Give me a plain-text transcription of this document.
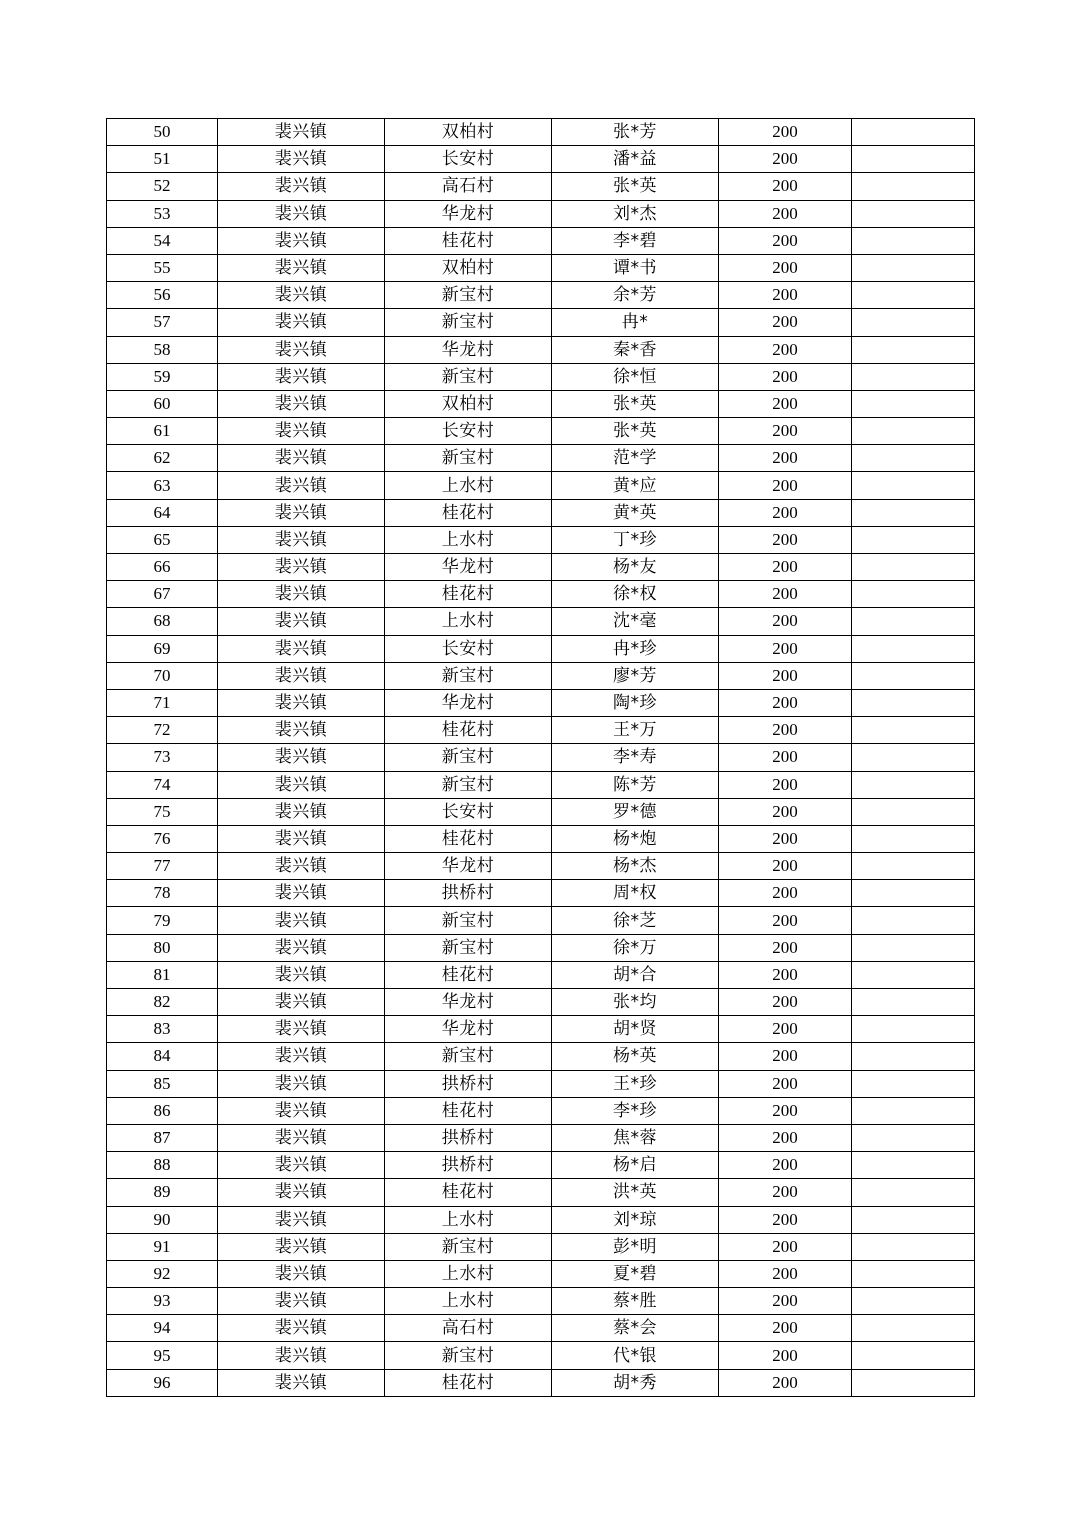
50	裴兴镇	双柏村	张*芳	200	
51	裴兴镇	长安村	潘*益	200	
52	裴兴镇	高石村	张*英	200	
53	裴兴镇	华龙村	刘*杰	200	
54	裴兴镇	桂花村	李*碧	200	
55	裴兴镇	双柏村	谭*书	200	
56	裴兴镇	新宝村	余*芳	200	
57	裴兴镇	新宝村	冉*	200	
58	裴兴镇	华龙村	秦*香	200	
59	裴兴镇	新宝村	徐*恒	200	
60	裴兴镇	双柏村	张*英	200	
61	裴兴镇	长安村	张*英	200	
62	裴兴镇	新宝村	范*学	200	
63	裴兴镇	上水村	黄*应	200	
64	裴兴镇	桂花村	黄*英	200	
65	裴兴镇	上水村	丁*珍	200	
66	裴兴镇	华龙村	杨*友	200	
67	裴兴镇	桂花村	徐*权	200	
68	裴兴镇	上水村	沈*毫	200	
69	裴兴镇	长安村	冉*珍	200	
70	裴兴镇	新宝村	廖*芳	200	
71	裴兴镇	华龙村	陶*珍	200	
72	裴兴镇	桂花村	王*万	200	
73	裴兴镇	新宝村	李*寿	200	
74	裴兴镇	新宝村	陈*芳	200	
75	裴兴镇	长安村	罗*德	200	
76	裴兴镇	桂花村	杨*炮	200	
77	裴兴镇	华龙村	杨*杰	200	
78	裴兴镇	拱桥村	周*权	200	
79	裴兴镇	新宝村	徐*芝	200	
80	裴兴镇	新宝村	徐*万	200	
81	裴兴镇	桂花村	胡*合	200	
82	裴兴镇	华龙村	张*均	200	
83	裴兴镇	华龙村	胡*贤	200	
84	裴兴镇	新宝村	杨*英	200	
85	裴兴镇	拱桥村	王*珍	200	
86	裴兴镇	桂花村	李*珍	200	
87	裴兴镇	拱桥村	焦*蓉	200	
88	裴兴镇	拱桥村	杨*启	200	
89	裴兴镇	桂花村	洪*英	200	
90	裴兴镇	上水村	刘*琼	200	
91	裴兴镇	新宝村	彭*明	200	
92	裴兴镇	上水村	夏*碧	200	
93	裴兴镇	上水村	蔡*胜	200	
94	裴兴镇	高石村	蔡*会	200	
95	裴兴镇	新宝村	代*银	200	
96	裴兴镇	桂花村	胡*秀	200	
